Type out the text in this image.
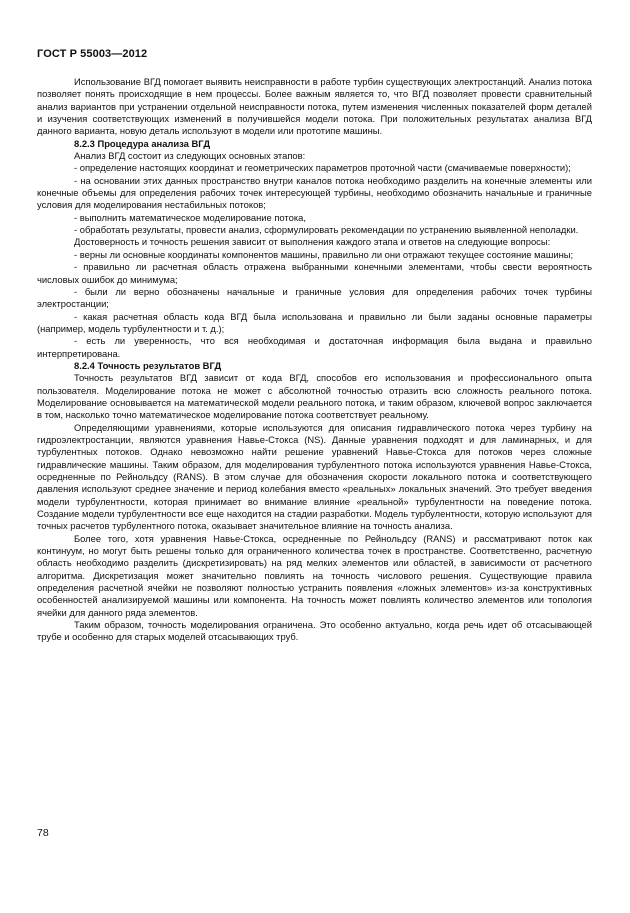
ГОСТ Р 55003—2012

Использование ВГД помогает выявить неисправности в работе турбин существующих электростанций. Анализ потока позволяет понять происходящие в нем процессы. Более важным является то, что ВГД позволяет провести сравнительный анализ вариантов при устранении отдельной неисправности потока, путем изменения численных показателей форм деталей и изучения соответствующих изменений в получившейся модели потока. При положительных результатах анализа ВГД данного варианта, новую деталь используют в модели или прототипе машины.

8.2.3 Процедура анализа ВГД

Анализ ВГД состоит из следующих основных этапов:

- определение настоящих координат и геометрических параметров проточной части (смачиваемые поверхности);

- на основании этих данных пространство внутри каналов потока необходимо разделить на конечные элементы или конечные объемы для определения рабочих точек интересующей турбины, необходимо обозначить начальные и граничные условия для моделирования нестабильных потоков;

- выполнить математическое моделирование потока,

- обработать результаты, провести анализ, сформулировать рекомендации по устранению выявленной неполадки.

Достоверность и точность решения зависит от выполнения каждого этапа и ответов на следующие вопросы:

- верны ли основные координаты компонентов машины, правильно ли они отражают текущее состояние машины;

- правильно ли расчетная область отражена выбранными конечными элементами, чтобы свести вероятность числовых ошибок до минимума;

- были ли верно обозначены начальные и граничные условия для определения рабочих точек турбины электростанции;

- какая расчетная область кода ВГД была использована и правильно ли были заданы основные параметры (например, модель турбулентности и т. д.);

- есть ли уверенность, что вся необходимая и достаточная информация была выдана и правильно интерпретирована.

8.2.4 Точность результатов ВГД

Точность результатов ВГД зависит от кода ВГД, способов его использования и профессионального опыта пользователя. Моделирование потока не может с абсолютной точностью отразить всю сложность реального потока. Моделирование основывается на математической модели реального потока, и таким образом, ключевой вопрос заключается в том, насколько точно математическое моделирование потока соответствует реальному.

Определяющими уравнениями, которые используются для описания гидравлического потока через турбину на гидроэлектростанции, являются уравнения Навье-Стокса (NS). Данные уравнения подходят и для ламинарных, и для турбулентных потоков. Однако невозможно найти решение уравнений Навье-Стокса для потоков через сложные гидравлические машины. Таким образом, для моделирования турбулентного потока используются уравнения Навье-Стокса, осредненные по Рейнольдсу (RANS). В этом случае для обозначения скорости локального потока и соответствующего давления используют среднее значение и период колебания вместо «реальных» локальных значений. Это требует введения модели турбулентности, которая принимает во внимание влияние «реальной» турбулентности на поведение потока. Создание модели турбулентности все еще находится на стадии разработки. Модель турбулентности, которую используют для точных расчетов турбулентного потока, оказывает значительное влияние на точность анализа.

Более того, хотя уравнения Навье-Стокса, осредненные по Рейнольдсу (RANS) и рассматривают поток как континуум, но могут быть решены только для ограниченного количества точек в пространстве. Соответственно, расчетную область необходимо разделить (дискретизировать) на ряд мелких элементов или областей, в зависимости от расчетного алгоритма. Дискретизация может значительно повлиять на точность числового решения. Существующие правила определения расчетной ячейки не позволяют полностью устранить появления «ложных элементов» из-за конструктивных особенностей анализируемой машины или компонента. На точность может повлиять количество элементов или топология ячейки для данного ряда элементов.

Таким образом, точность моделирования ограничена. Это особенно актуально, когда речь идет об отсасывающей трубе и особенно для старых моделей отсасывающих труб.

78
